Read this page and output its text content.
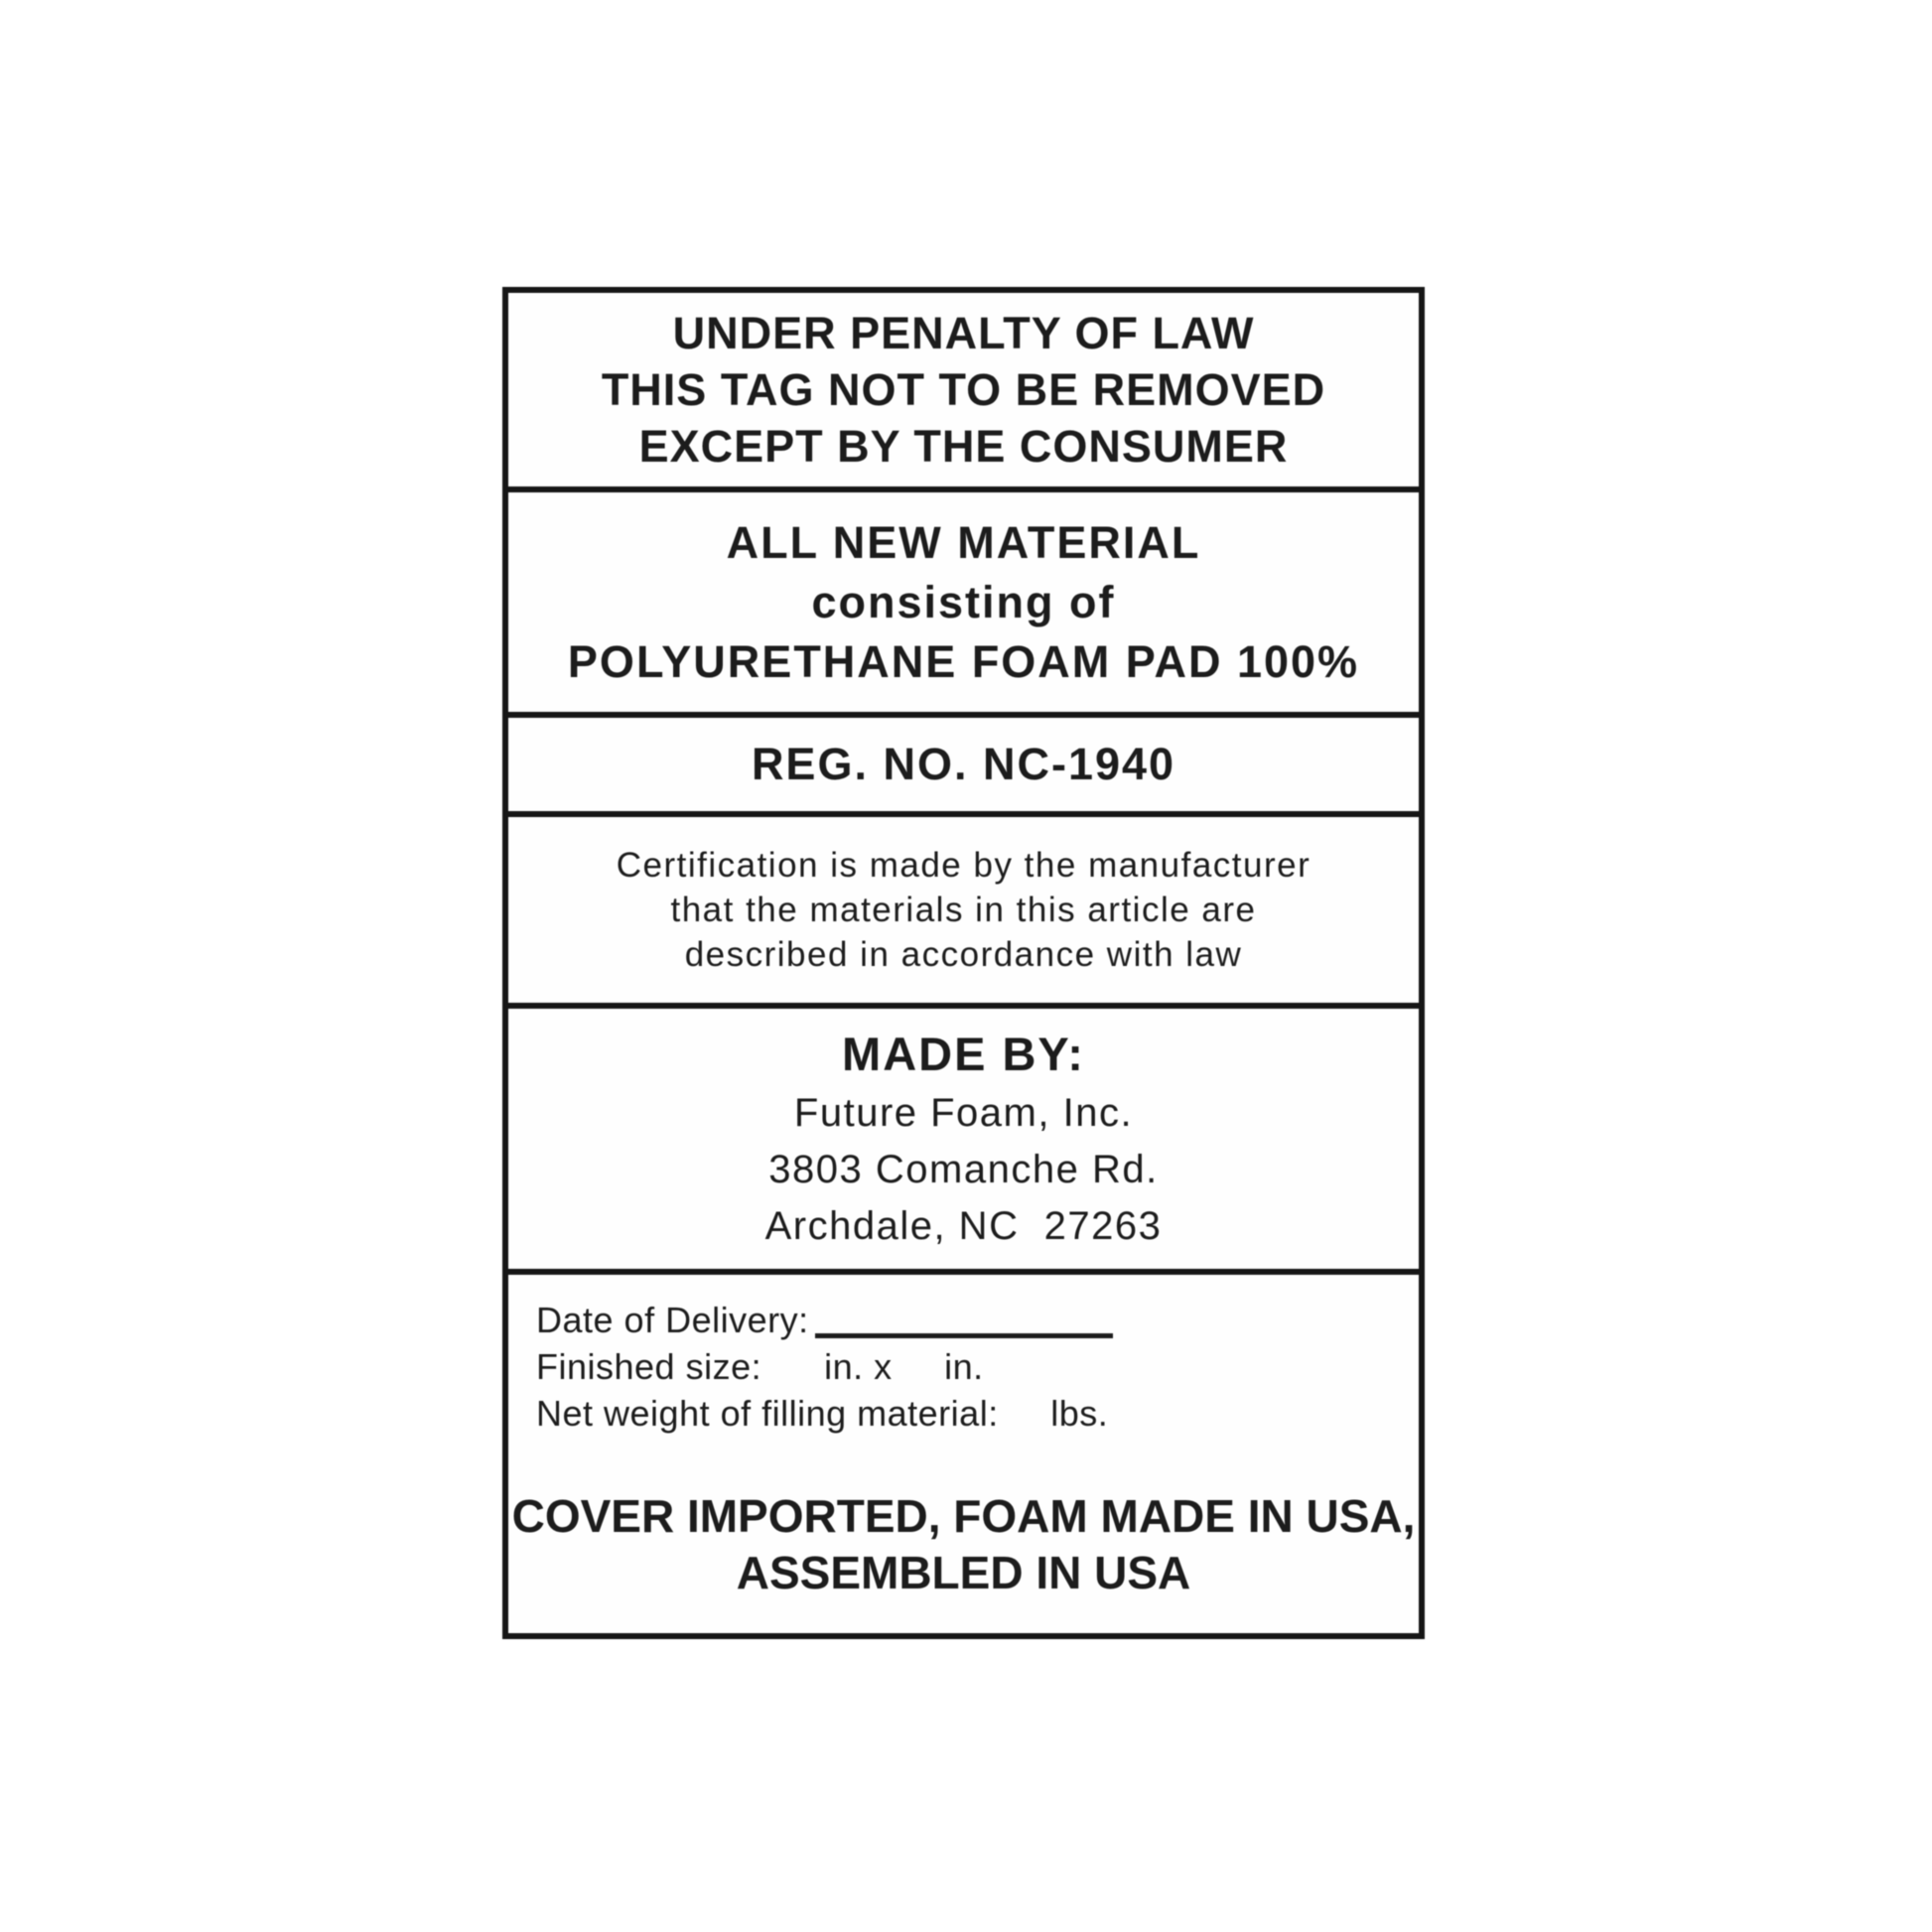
UNDER PENALTY OF LAW
THIS TAG NOT TO BE REMOVED
EXCEPT BY THE CONSUMER
ALL NEW MATERIAL
consisting of
POLYURETHANE FOAM PAD 100%
REG. NO. NC-1940
Certification is made by the manufacturer
that the materials in this article are
described in accordance with law
MADE BY:
Future Foam, Inc.
3803 Comanche Rd.
Archdale, NC  27263
Date of Delivery:
Finished size:      in. x     in.
Net weight of filling material:     lbs.
COVER IMPORTED, FOAM MADE IN USA,
ASSEMBLED IN USA
